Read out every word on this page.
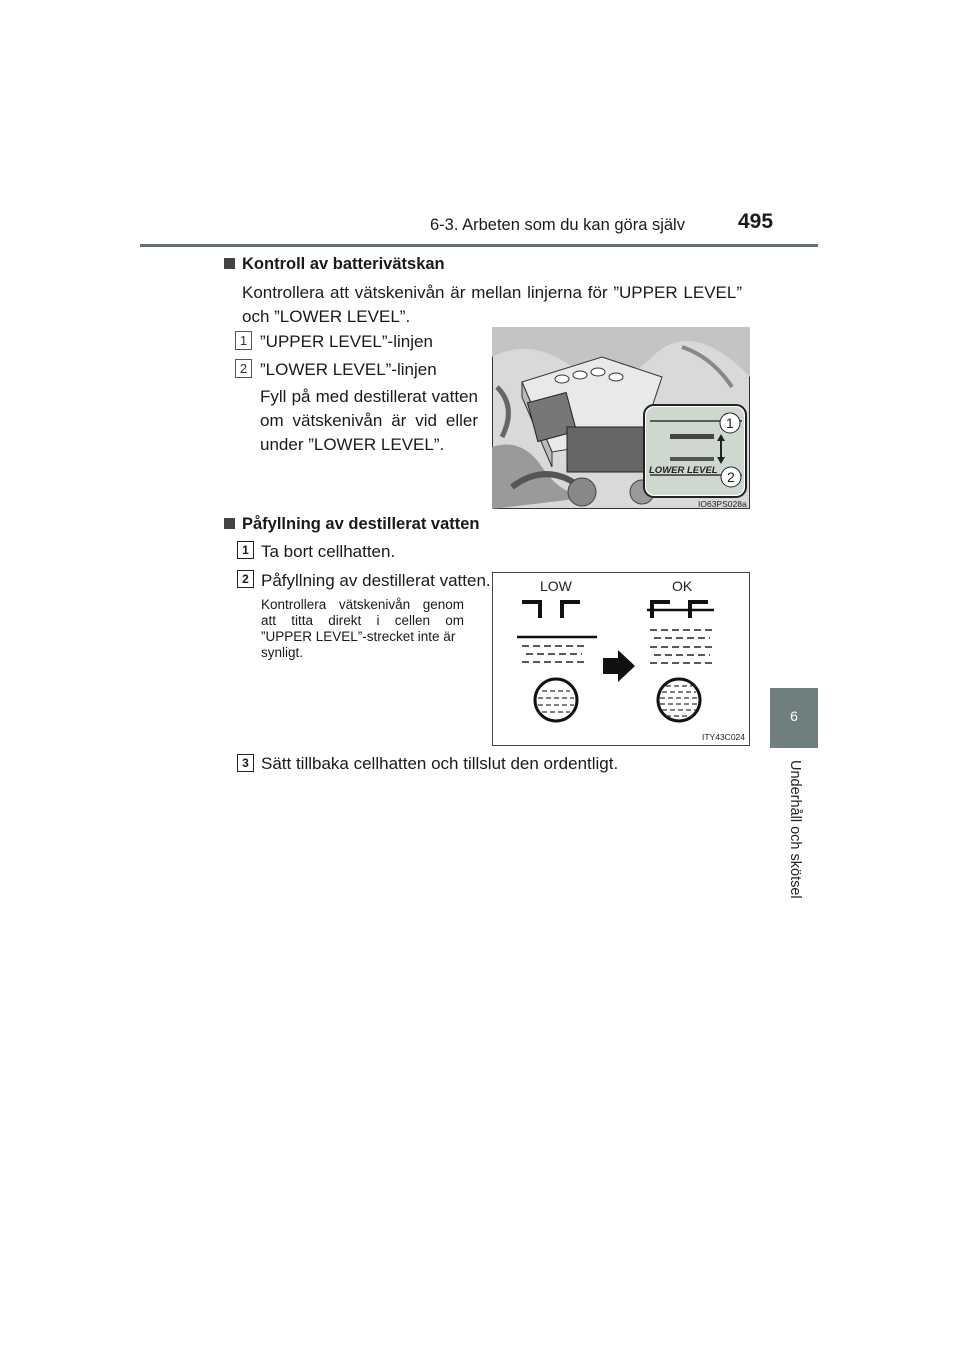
6-3. Arbeten som du kan göra själv	495
6
Underhåll och skötsel
Kontroll av batterivätskan
Kontrollera att vätskenivån är mellan linjerna för ”UPPER LEVEL”
och ”LOWER LEVEL”.
1 ”UPPER LEVEL”-linjen
2 ”LOWER LEVEL”-linjen
Fyll på med destillerat vatten
om vätskenivån är vid eller
under ”LOWER LEVEL”.
LOWER LEVEL
1
2
IO63PS028a
Påfyllning av destillerat vatten
1 Ta bort cellhatten.
2 Påfyllning av destillerat vatten.
Kontrollera vätskenivån genom
att titta direkt i cellen om
”UPPER LEVEL”-strecket inte är
synligt.
LOW	OK
ITY43C024
3 Sätt tillbaka cellhatten och tillslut den ordentligt.
